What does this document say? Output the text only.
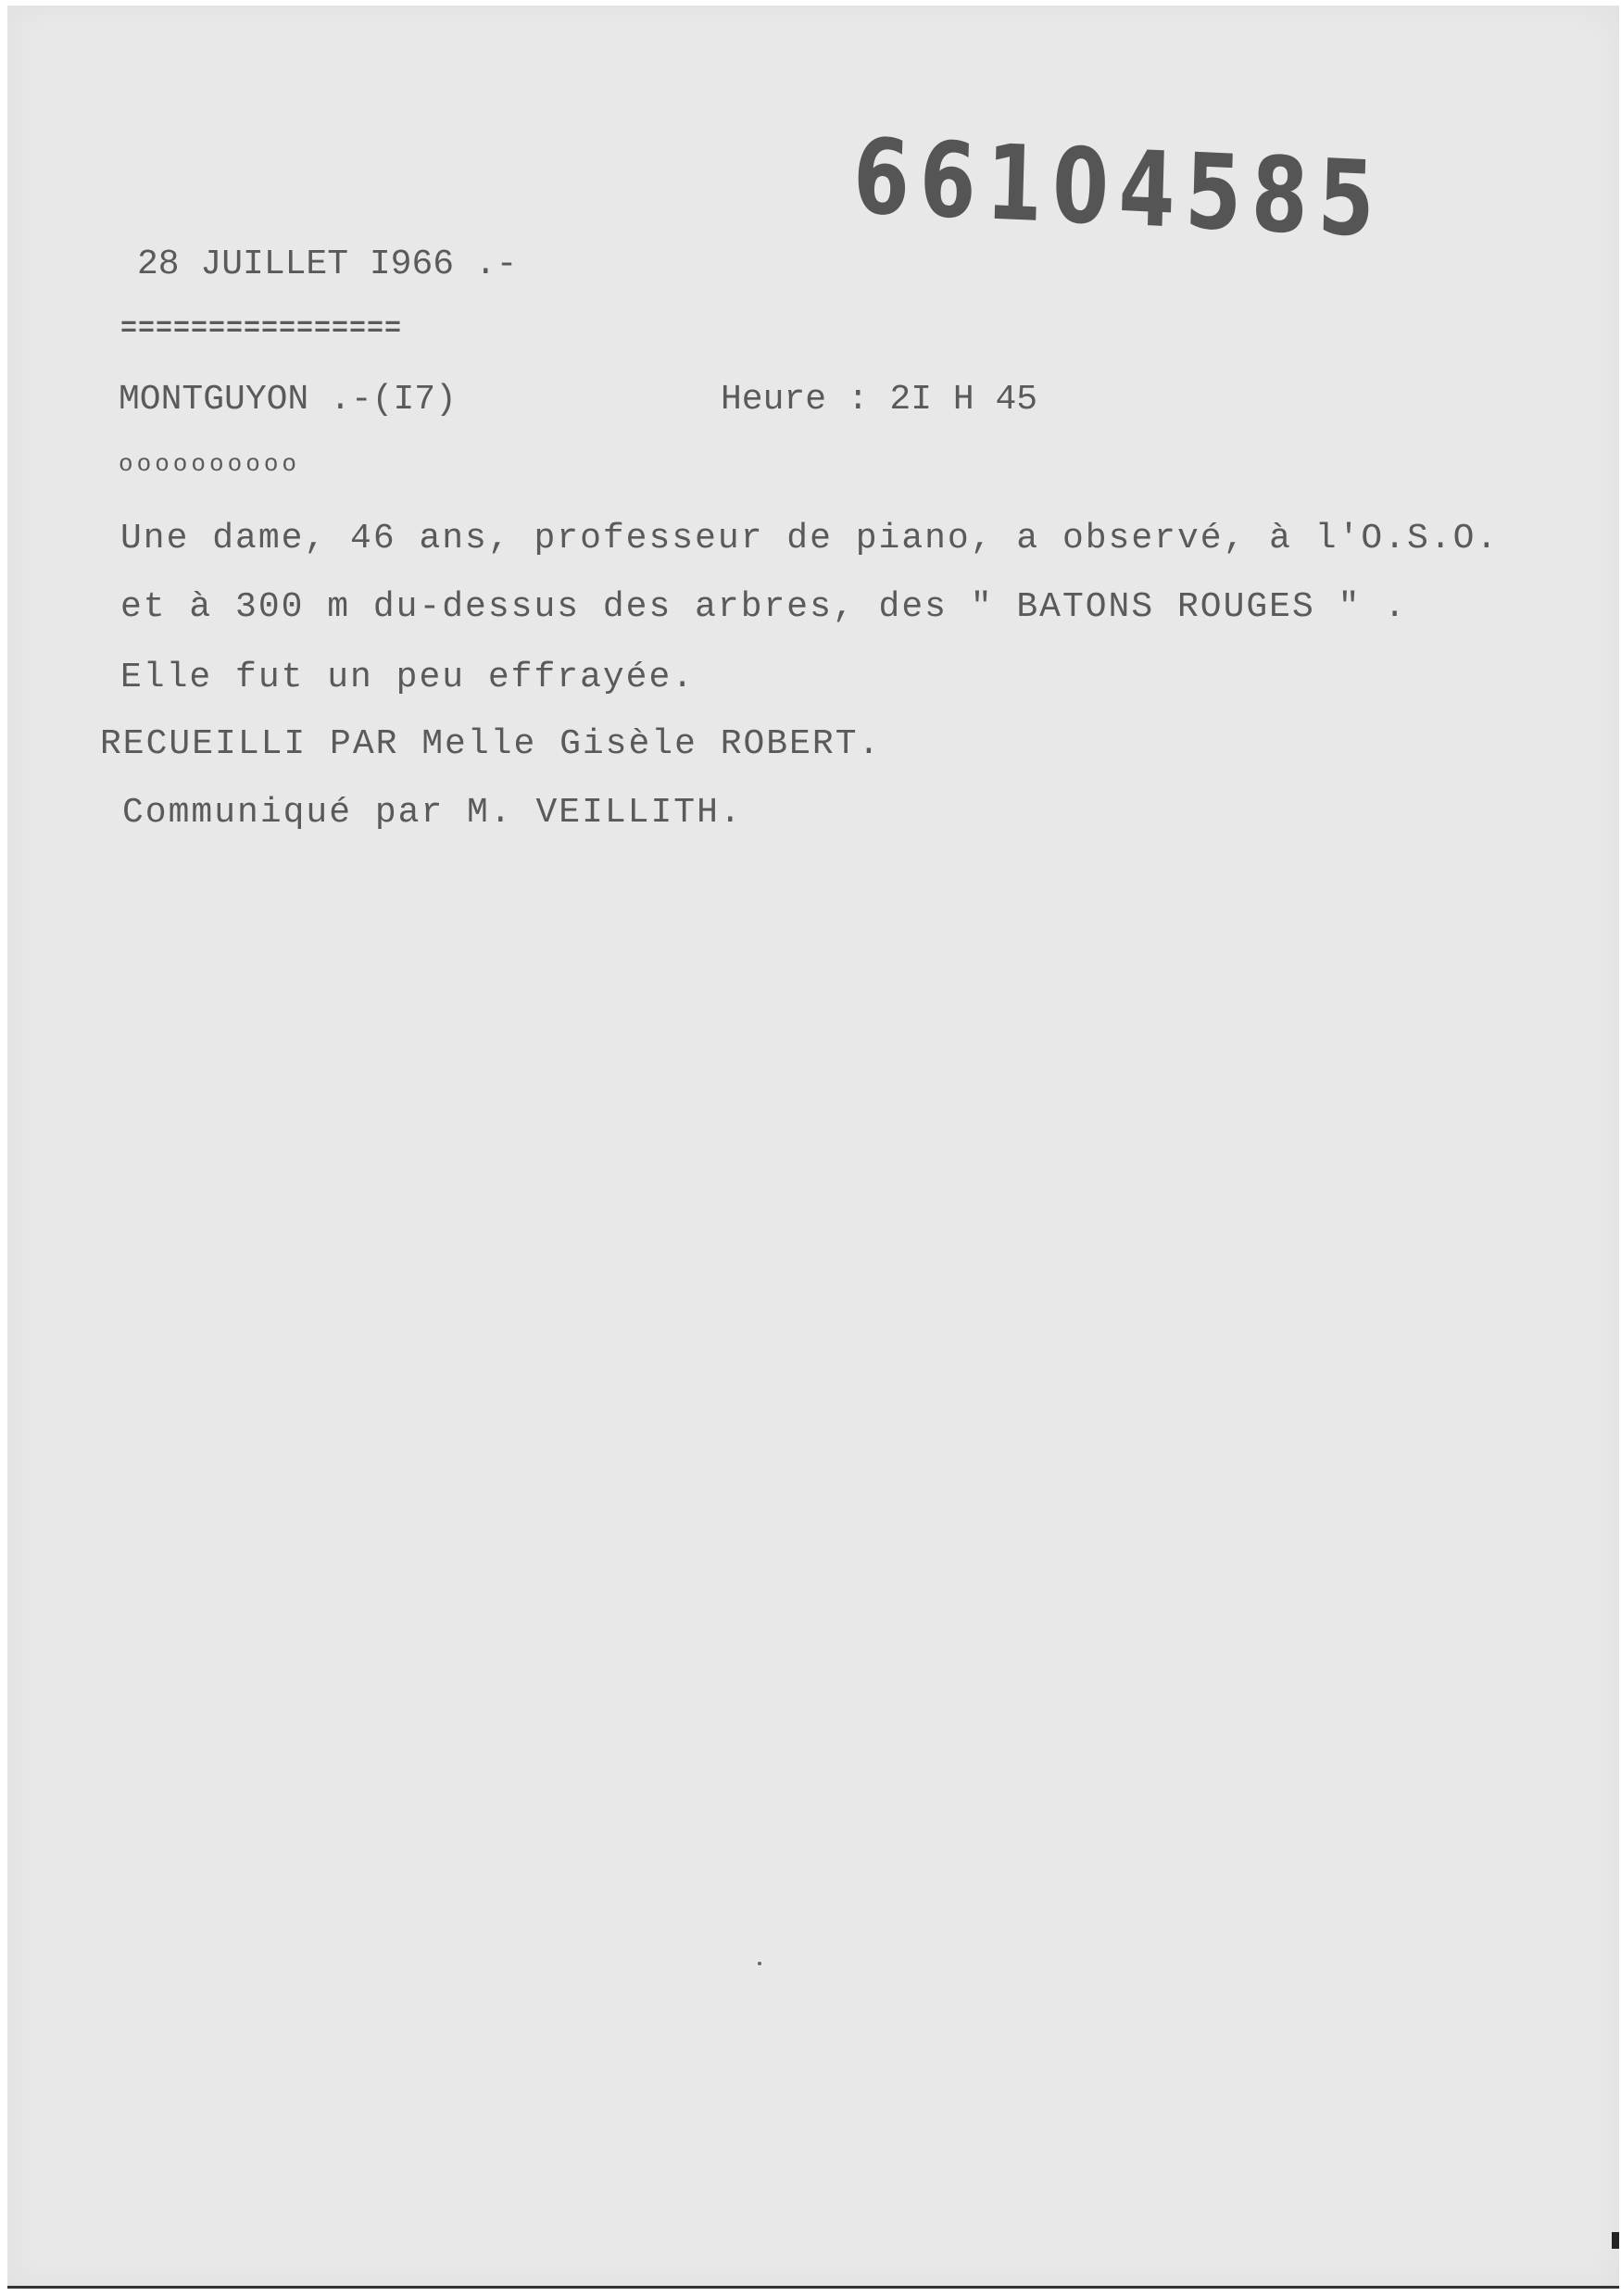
66104585
28 JUILLET I966 .-
================
MONTGUYON .-(I7)	Heure : 2I H 45
oooooooooo
Une dame, 46 ans, professeur de piano, a observé, à l'O.S.O.
et à 300 m du-dessus des arbres, des " BATONS ROUGES " .
Elle fut un peu effrayée.
RECUEILLI PAR Melle Gisèle ROBERT.
Communiqué par M. VEILLITH.
